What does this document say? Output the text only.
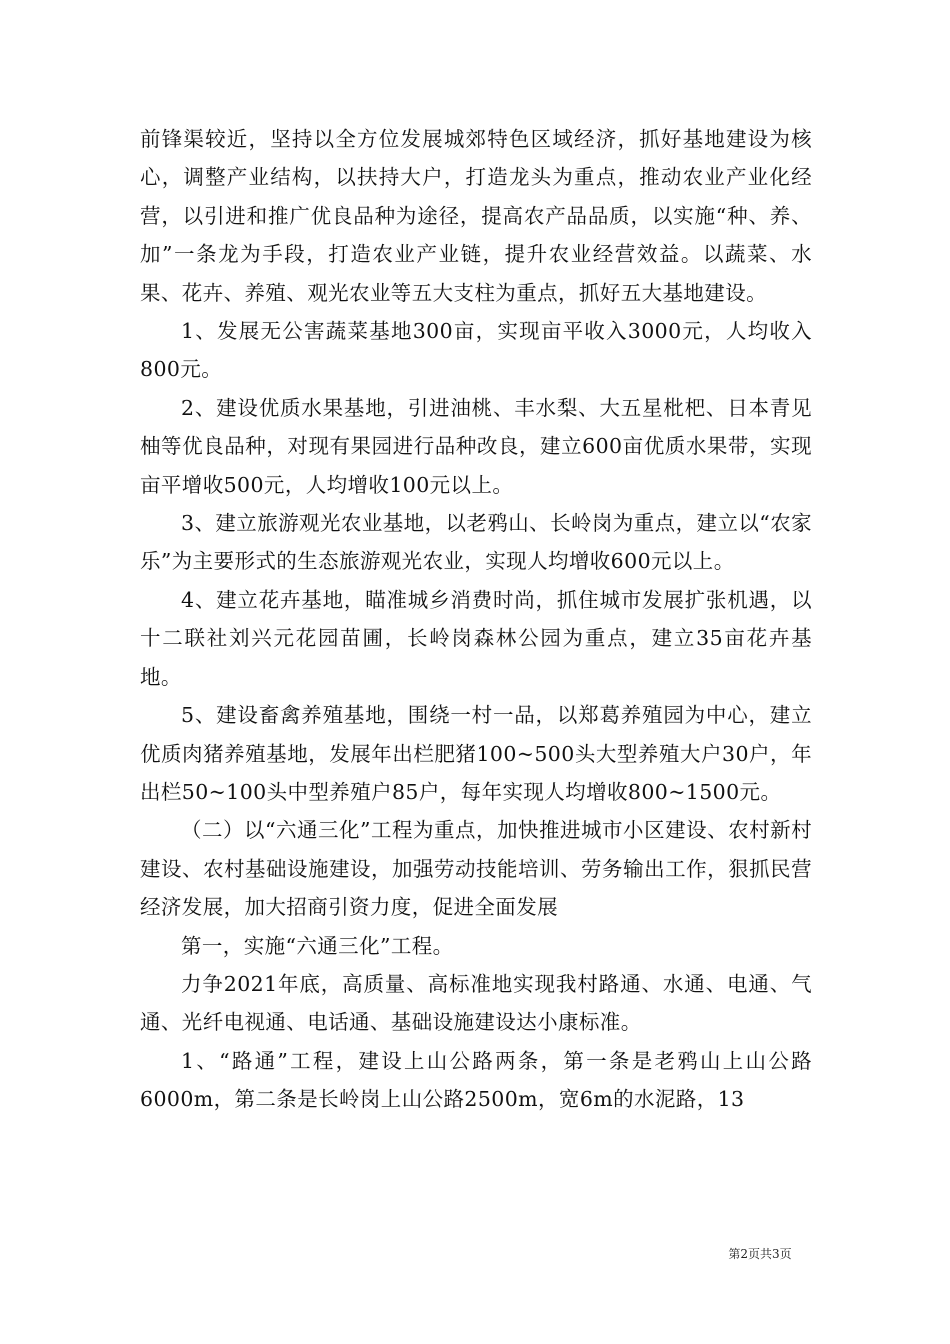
前锋渠较近，坚持以全方位发展城郊特色区域经济，抓好基地建设为核心，调整产业结构，以扶持大户，打造龙头为重点，推动农业产业化经营，以引进和推广优良品种为途径，提高农产品品质，以实施“种、养、加”一条龙为手段，打造农业产业链，提升农业经营效益。以蔬菜、水果、花卉、养殖、观光农业等五大支柱为重点，抓好五大基地建设。

1、发展无公害蔬菜基地300亩，实现亩平收入3000元，人均收入800元。

2、建设优质水果基地，引进油桃、丰水梨、大五星枇杷、日本青见柚等优良品种，对现有果园进行品种改良，建立600亩优质水果带，实现亩平增收500元，人均增收100元以上。

3、建立旅游观光农业基地，以老鸦山、长岭岗为重点，建立以“农家乐”为主要形式的生态旅游观光农业，实现人均增收600元以上。

4、建立花卉基地，瞄准城乡消费时尚，抓住城市发展扩张机遇，以十二联社刘兴元花园苗圃，长岭岗森林公园为重点，建立35亩花卉基地。

5、建设畜禽养殖基地，围绕一村一品，以郑葛养殖园为中心，建立优质肉猪养殖基地，发展年出栏肥猪100~500头大型养殖大户30户，年出栏50~100头中型养殖户85户，每年实现人均增收800~1500元。

（二）以“六通三化”工程为重点，加快推进城市小区建设、农村新村建设、农村基础设施建设，加强劳动技能培训、劳务输出工作，狠抓民营经济发展，加大招商引资力度，促进全面发展

第一，实施“六通三化”工程。

力争2021年底，高质量、高标准地实现我村路通、水通、电通、气通、光纤电视通、电话通、基础设施建设达小康标准。

1、“路通”工程，建设上山公路两条，第一条是老鸦山上山公路6000m，第二条是长岭岗上山公路2500m，宽6m的水泥路，13

第2页共3页
